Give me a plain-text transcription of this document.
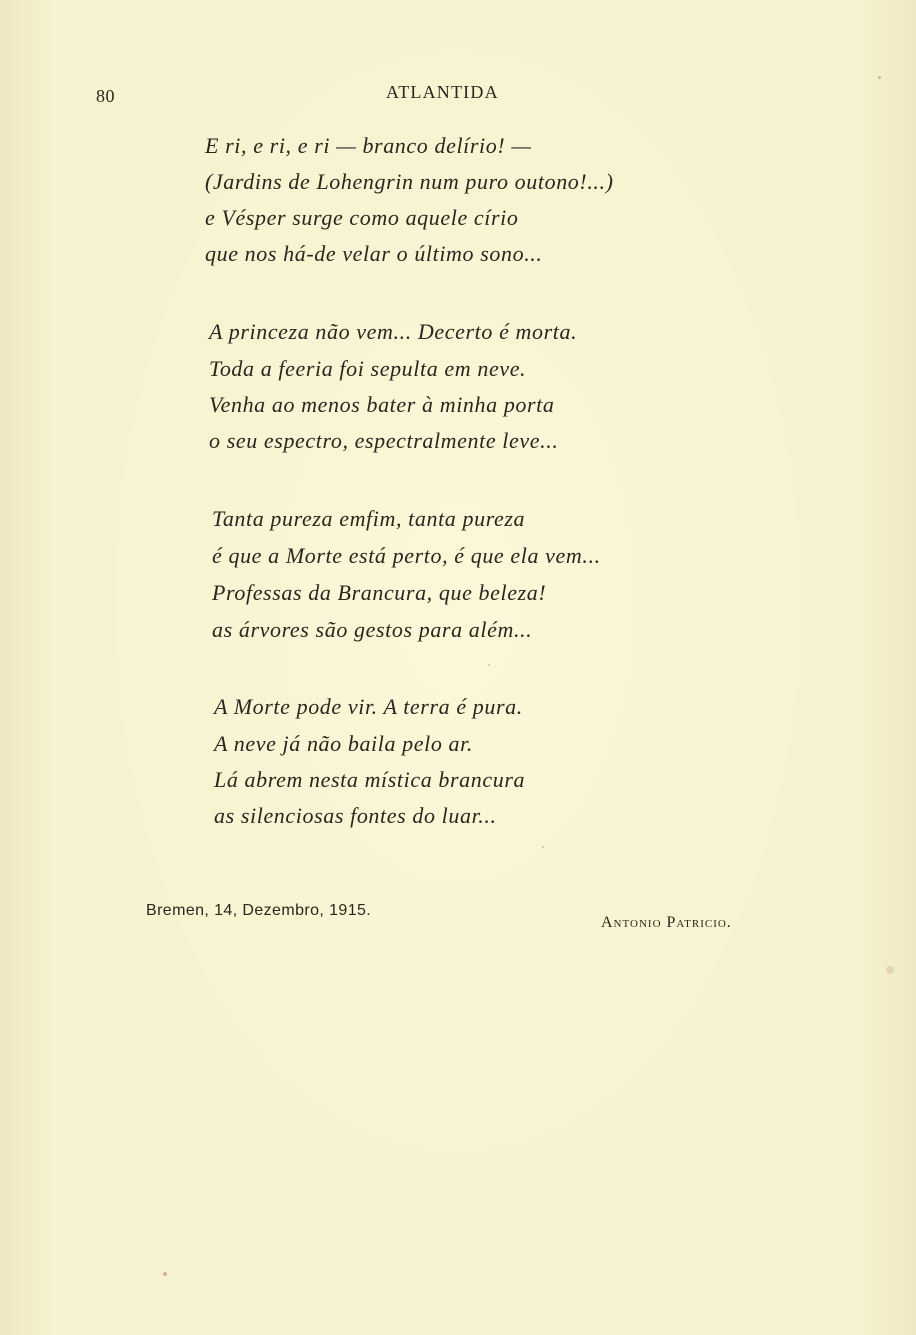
80	ATLANTIDA
E ri, e ri, e ri — branco delírio! —
(Jardins de Lohengrin num puro outono!...)
e Vésper surge como aquele círio
que nos há-de velar o último sono...
A princeza não vem... Decerto é morta.
Toda a feeria foi sepulta em neve.
Venha ao menos bater à minha porta
o seu espectro, espectralmente leve...
Tanta pureza emfim, tanta pureza
é que a Morte está perto, é que ela vem...
Professas da Brancura, que beleza!
as árvores são gestos para além...
A Morte pode vir. A terra é pura.
A neve já não baila pelo ar.
Lá abrem nesta mística brancura
as silenciosas fontes do luar...
Bremen, 14, Dezembro, 1915.
Antonio Patricio.
